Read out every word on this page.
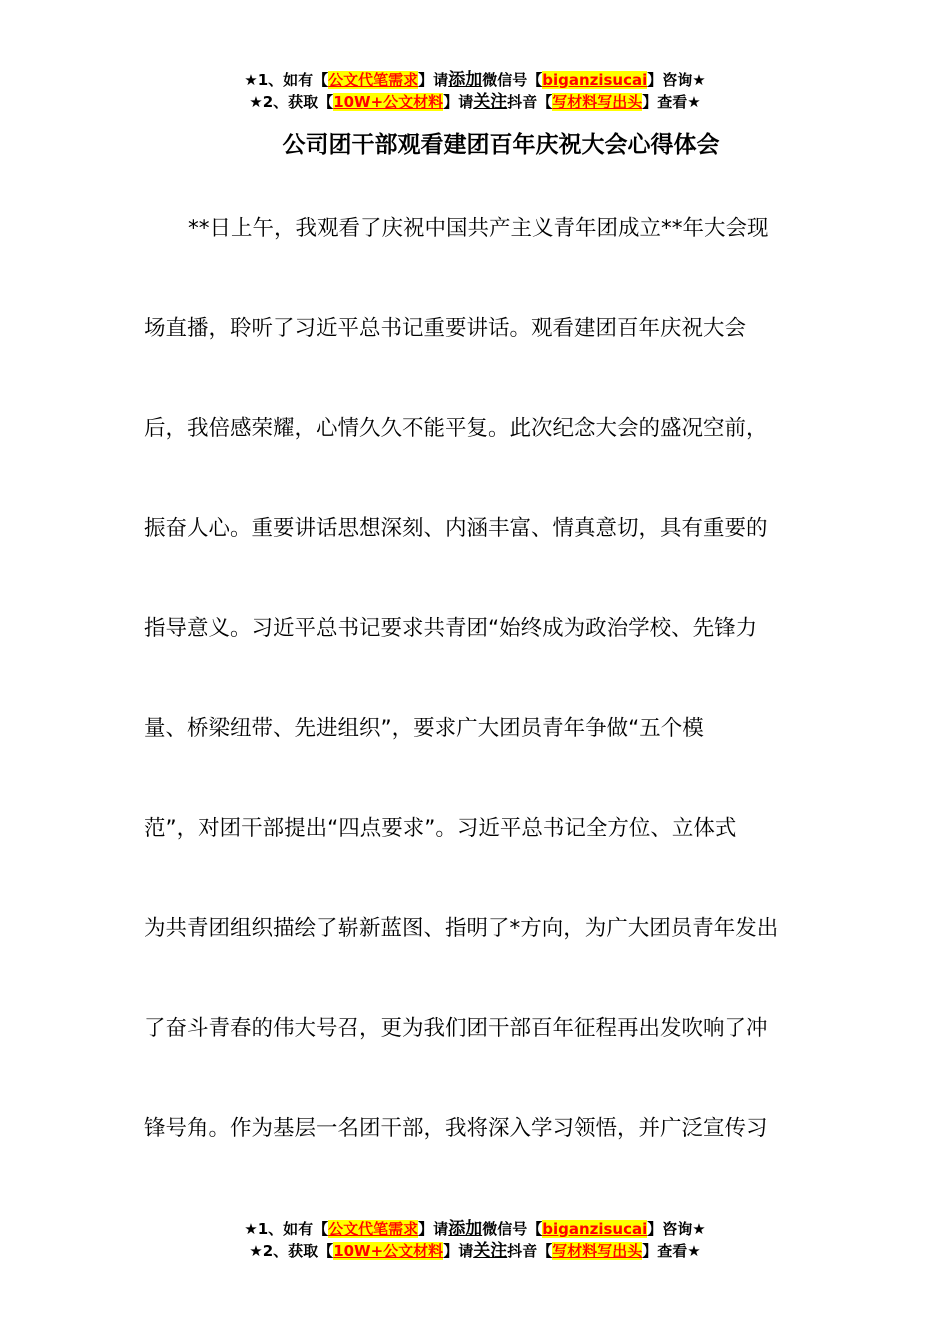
★1、如有【公文代笔需求】请添加微信号【biganzisucai】咨询★
★2、获取【10W+公文材料】请关注抖音【写材料写出头】查看★
公司团干部观看建团百年庆祝大会心得体会
**日上午，我观看了庆祝中国共产主义青年团成立**年大会现
场直播，聆听了习近平总书记重要讲话。观看建团百年庆祝大会
后，我倍感荣耀，心情久久不能平复。此次纪念大会的盛况空前，
振奋人心。重要讲话思想深刻、内涵丰富、情真意切，具有重要的
指导意义。习近平总书记要求共青团“始终成为政治学校、先锋力
量、桥梁纽带、先进组织”，要求广大团员青年争做“五个模
范”，对团干部提出“四点要求”。习近平总书记全方位、立体式
为共青团组织描绘了崭新蓝图、指明了*方向，为广大团员青年发出
了奋斗青春的伟大号召，更为我们团干部百年征程再出发吹响了冲
锋号角。作为基层一名团干部，我将深入学习领悟，并广泛宣传习
★1、如有【公文代笔需求】请添加微信号【biganzisucai】咨询★
★2、获取【10W+公文材料】请关注抖音【写材料写出头】查看★
